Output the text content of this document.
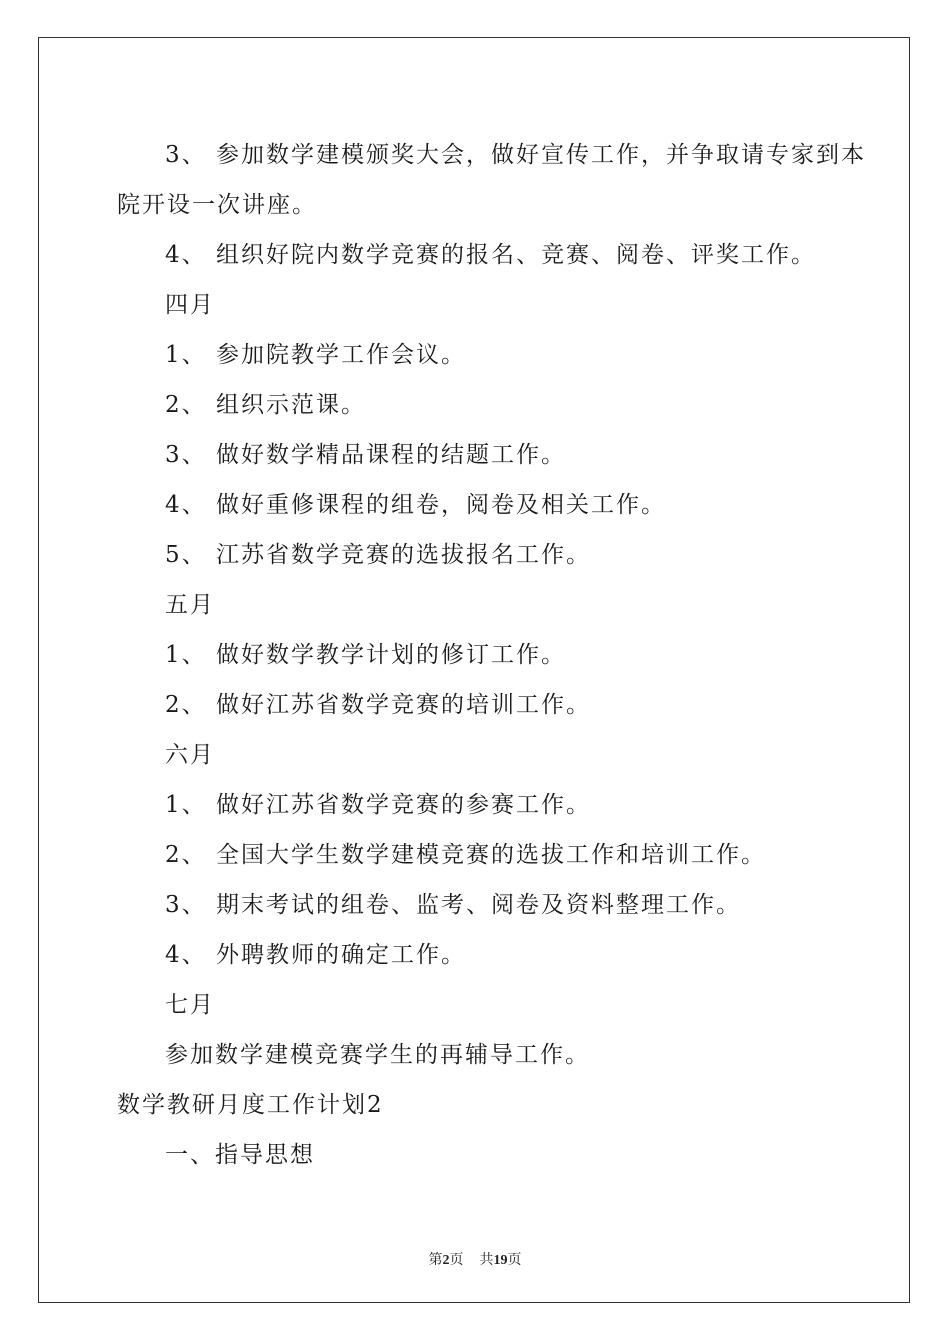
3、 参加数学建模颁奖大会，做好宣传工作，并争取请专家到本
院开设一次讲座。
4、 组织好院内数学竞赛的报名、竞赛、阅卷、评奖工作。
四月
1、 参加院教学工作会议。
2、 组织示范课。
3、 做好数学精品课程的结题工作。
4、 做好重修课程的组卷，阅卷及相关工作。
5、 江苏省数学竞赛的选拔报名工作。
五月
1、 做好数学教学计划的修订工作。
2、 做好江苏省数学竞赛的培训工作。
六月
1、 做好江苏省数学竞赛的参赛工作。
2、 全国大学生数学建模竞赛的选拔工作和培训工作。
3、 期末考试的组卷、监考、阅卷及资料整理工作。
4、 外聘教师的确定工作。
七月
参加数学建模竞赛学生的再辅导工作。
数学教研月度工作计划2
一、指导思想
第2页 共19页
